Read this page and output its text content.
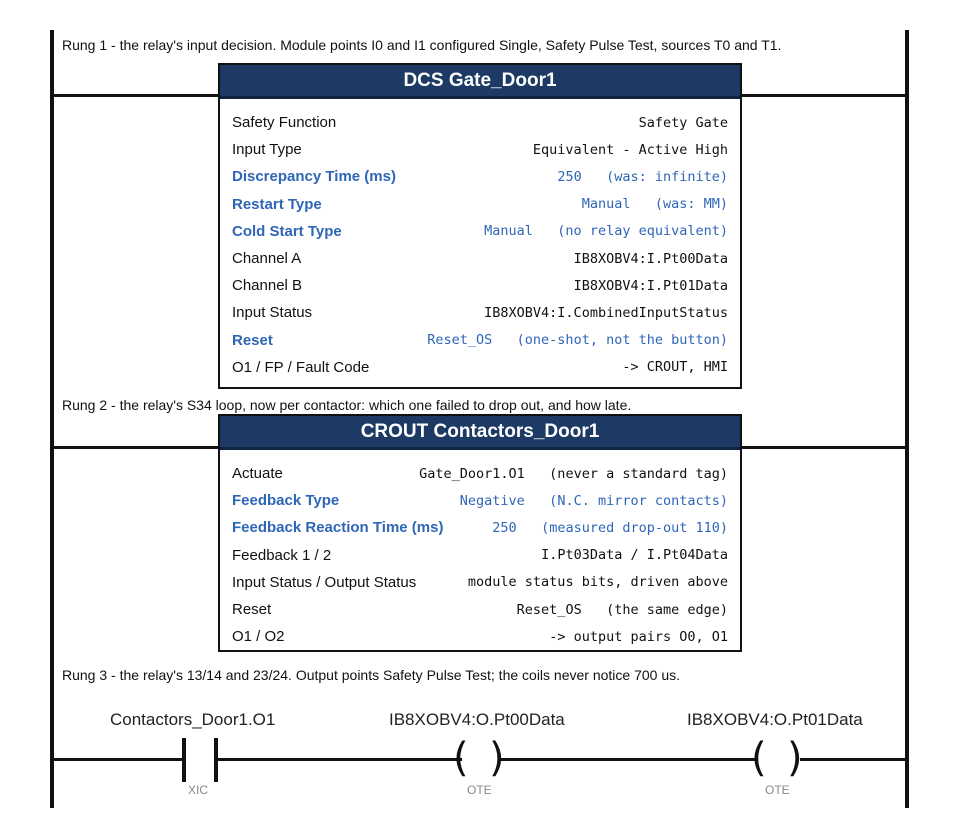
Rung 1 - the relay's input decision. Module points I0 and I1 configured Single, Safety Pulse Test, sources T0 and T1.
DCS Gate_Door1
Safety Function	Safety Gate
Input Type	Equivalent - Active High
Discrepancy Time (ms)	250   (was: infinite)
Restart Type	Manual   (was: MM)
Cold Start Type	Manual   (no relay equivalent)
Channel A	IB8XOBV4:I.Pt00Data
Channel B	IB8XOBV4:I.Pt01Data
Input Status	IB8XOBV4:I.CombinedInputStatus
Reset	Reset_OS   (one-shot, not the button)
O1 / FP / Fault Code	-> CROUT, HMI
Rung 2 - the relay's S34 loop, now per contactor: which one failed to drop out, and how late.
CROUT Contactors_Door1
Actuate	Gate_Door1.O1   (never a standard tag)
Feedback Type	Negative   (N.C. mirror contacts)
Feedback Reaction Time (ms)	250   (measured drop-out 110)
Feedback 1 / 2	I.Pt03Data / I.Pt04Data
Input Status / Output Status	module status bits, driven above
Reset	Reset_OS   (the same edge)
O1 / O2	-> output pairs O0, O1
Rung 3 - the relay's 13/14 and 23/24. Output points Safety Pulse Test; the coils never notice 700 us.
Contactors_Door1.O1
XIC
IB8XOBV4:O.Pt00Data
( )
OTE
IB8XOBV4:O.Pt01Data
( )
OTE
